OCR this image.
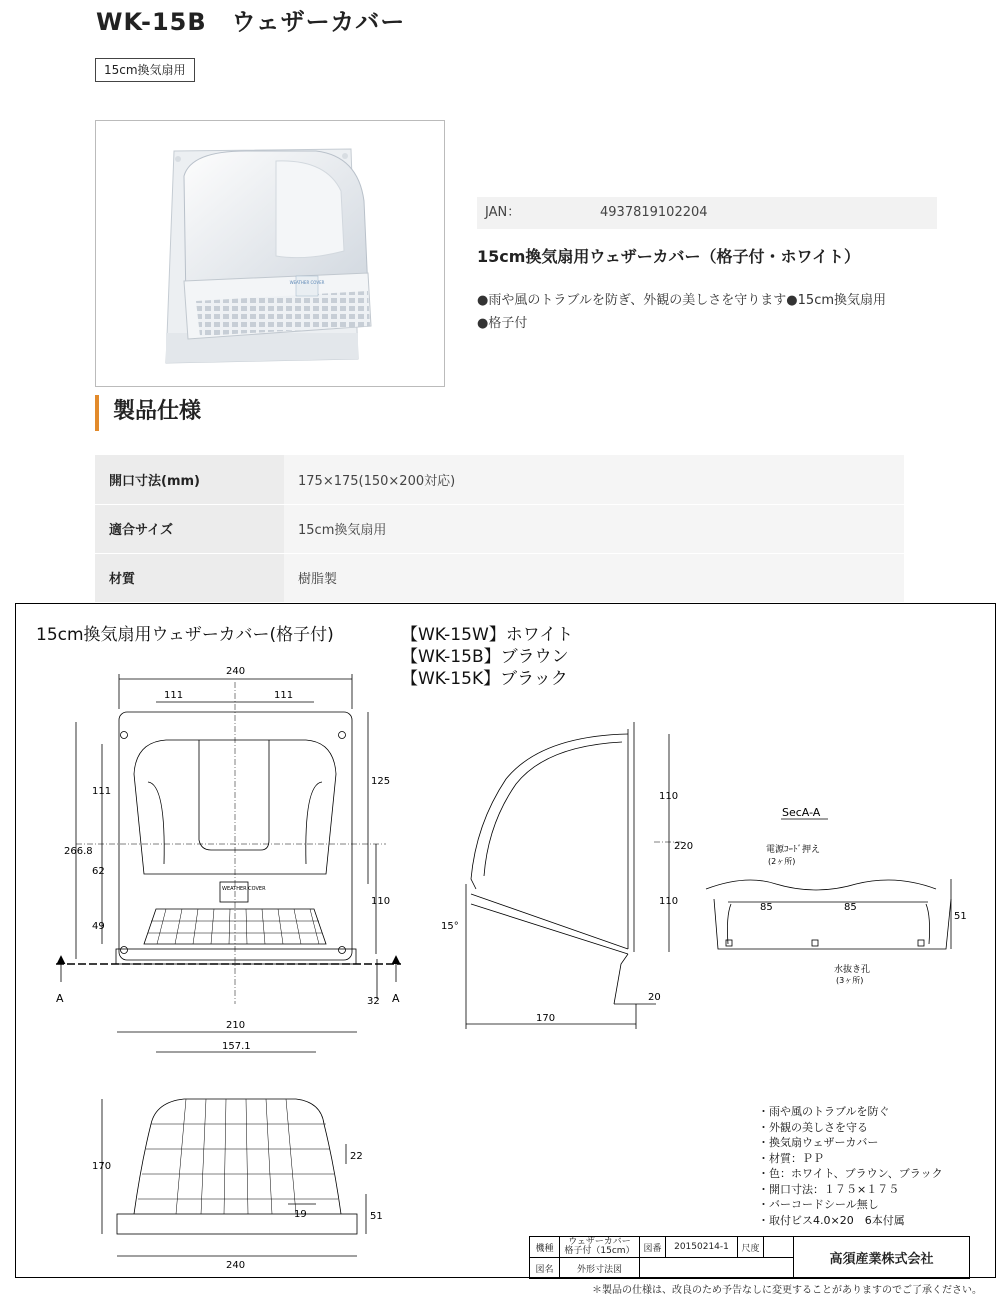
WK-15B　ウェザーカバー
15cm換気扇用
WEATHER COVER
JAN：	4937819102204
15cm換気扇用ウェザーカバー（格子付・ホワイト）
●雨や風のトラブルを防ぎ、外観の美しさを守ります●15cm換気扇用
●格子付
製品仕様
開口寸法(mm)	175×175(150×200対応)
適合サイズ	15cm換気扇用
材質	樹脂製
15cm換気扇用ウェザーカバー(格子付)	【WK-15W】ホワイト
【WK-15B】ブラウン
【WK-15K】ブラック
240
111	111
266.8
111
62
49
125
110
32
A	A
WEATHER COVER
110
110
220
170
20
15°
SecA-A
電源ｺｰﾄﾞ押え
(2ヶ所)
85	85
51
水抜き孔
(3ヶ所)
210
157.1
170
22
19	51
240
・雨や風のトラブルを防ぐ
・外観の美しさを守る
・換気扇ウェザーカバー
・材質：ＰＰ
・色：ホワイト、ブラウン、ブラック
・開口寸法：１７５×１７５
・バーコードシール無し
・取付ビス4.0×20　6本付属
機種	ウェザーカバー 格子付（15cm）	図番	20150214-1	尺度		高須産業株式会社
図名	外形寸法図					
＊製品の仕様は、改良のため予告なしに変更することがありますのでご了承ください。
